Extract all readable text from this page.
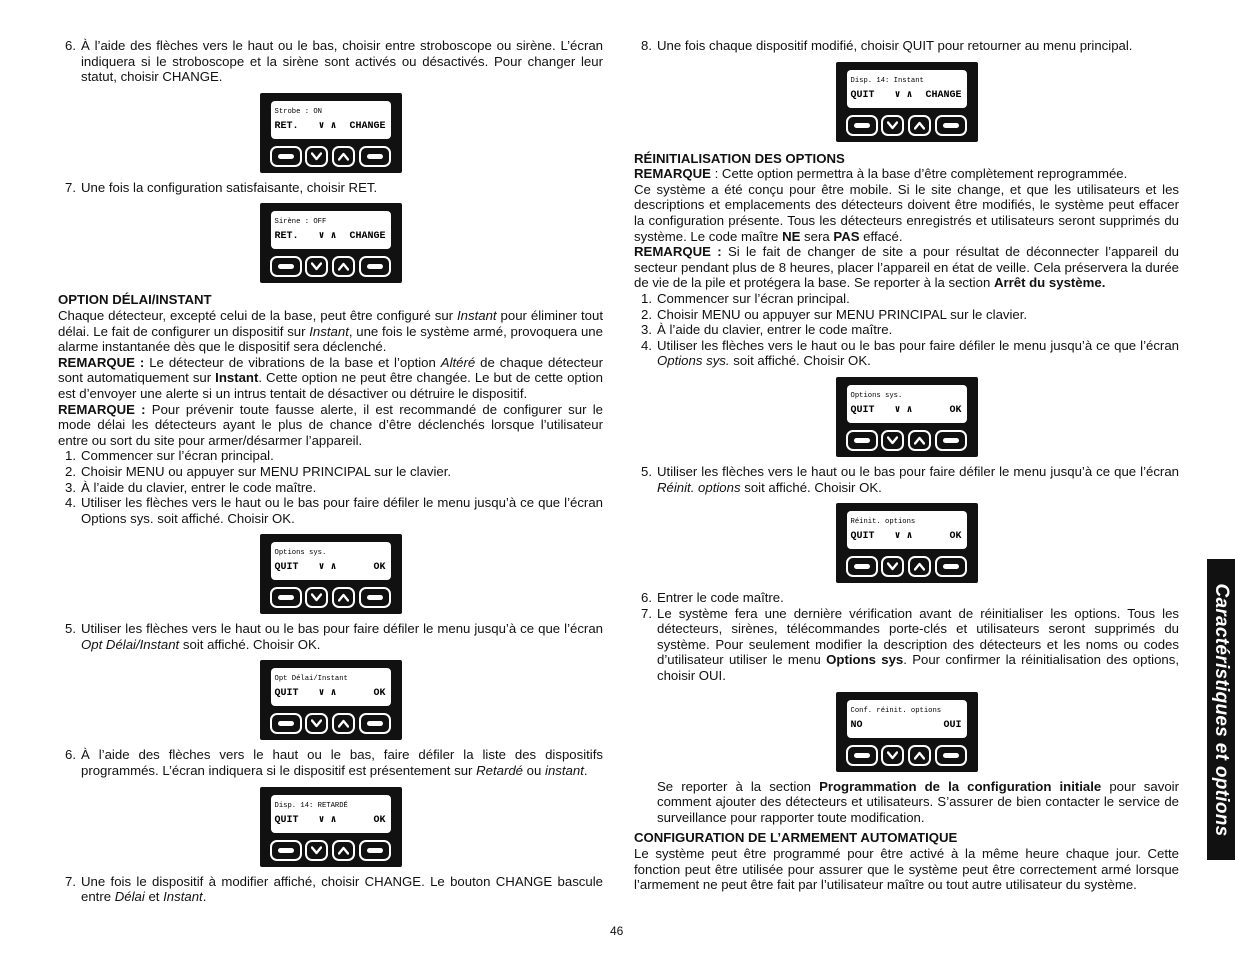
6. À l’aide des flèches vers le haut ou le bas, choisir entre stroboscope ou sirène. L’écran indiquera si le stroboscope et la sirène sont activés ou désactivés. Pour changer leur statut, choisir CHANGE.
Strobe : ON
RET.	∨ ∧	CHANGE
7. Une fois la configuration satisfaisante, choisir RET.
Sirène : OFF
RET.	∨ ∧	CHANGE

OPTION DÉLAI/INSTANT

Chaque détecteur, excepté celui de la base, peut être configuré sur Instant pour éliminer tout délai. Le fait de configurer un dispositif sur Instant, une fois le système armé, provoquera une alarme instantanée dès que le dispositif sera déclenché.

REMARQUE : Le détecteur de vibrations de la base et l’option Altéré de chaque détecteur sont automatiquement sur Instant. Cette option ne peut être changée. Le but de cette option est d’envoyer une alerte si un intrus tentait de désactiver ou détruire le dispositif.

REMARQUE : Pour prévenir toute fausse alerte, il est recommandé de configurer sur le mode délai les détecteurs ayant le plus de chance d’être déclenchés lorsque l’utilisateur entre ou sort du site pour armer/désarmer l’appareil.

1. Commencer sur l’écran principal.
2. Choisir MENU ou appuyer sur MENU PRINCIPAL sur le clavier.
3. À l’aide du clavier, entrer le code maître.
4. Utiliser les flèches vers le haut ou le bas pour faire défiler le menu jusqu’à ce que l’écran Options sys. soit affiché. Choisir OK.
Options sys.
QUIT	∨ ∧	OK
5. Utiliser les flèches vers le haut ou le bas pour faire défiler le menu jusqu’à ce que l’écran Opt Délai/Instant soit affiché. Choisir OK.
Opt Délai/Instant
QUIT	∨ ∧	OK
6. À l’aide des flèches vers le haut ou le bas, faire défiler la liste des dispositifs programmés. L’écran indiquera si le dispositif est présentement sur Retardé ou instant.
Disp. 14: RETARDÉ
QUIT	∨ ∧	OK
7. Une fois le dispositif à modifier affiché, choisir CHANGE. Le bouton CHANGE bascule entre Délai et Instant.
8. Une fois chaque dispositif modifié, choisir QUIT pour retourner au menu principal.
Disp. 14: Instant
QUIT	∨ ∧	CHANGE

RÉINITIALISATION DES OPTIONS

REMARQUE : Cette option permettra à la base d’être complètement reprogrammée.

Ce système a été conçu pour être mobile. Si le site change, et que les utilisateurs et les descriptions et emplacements des détecteurs doivent être modifiés, le système peut effacer la configuration présente. Tous les détecteurs enregistrés et utilisateurs seront supprimés du système. Le code maître NE sera PAS effacé.

REMARQUE : Si le fait de changer de site a pour résultat de déconnecter l’appareil du secteur pendant plus de 8 heures, placer l’appareil en état de veille. Cela préservera la durée de vie de la pile et protégera la base. Se reporter à la section Arrêt du système.

1. Commencer sur l’écran principal.
2. Choisir MENU ou appuyer sur MENU PRINCIPAL sur le clavier.
3. À l’aide du clavier, entrer le code maître.
4. Utiliser les flèches vers le haut ou le bas pour faire défiler le menu jusqu’à ce que l’écran Options sys. soit affiché. Choisir OK.
Options sys.
QUIT	∨ ∧	OK
5. Utiliser les flèches vers le haut ou le bas pour faire défiler le menu jusqu’à ce que l’écran Réinit. options soit affiché. Choisir OK.
Réinit. options
QUIT	∨ ∧	OK
6. Entrer le code maître.
7. Le système fera une dernière vérification avant de réinitialiser les options. Tous les détecteurs, sirènes, télécommandes porte-clés et utilisateurs seront supprimés du système. Pour seulement modifier la description des détecteurs et les noms ou codes d’utilisateur utiliser le menu Options sys. Pour confirmer la réinitialisation des options, choisir OUI.
Conf. réinit. options
NO	OUI

Se reporter à la section Programmation de la configuration initiale pour savoir comment ajouter des détecteurs et utilisateurs. S’assurer de bien contacter le service de surveillance pour rapporter toute modification.

CONFIGURATION DE L’ARMEMENT AUTOMATIQUE

Le système peut être programmé pour être activé à la même heure chaque jour. Cette fonction peut être utilisée pour assurer que le système peut être correctement armé lorsque l’armement ne peut être fait par l’utilisateur maître ou tout autre utilisateur du système.

46
Caractéristiques et options
